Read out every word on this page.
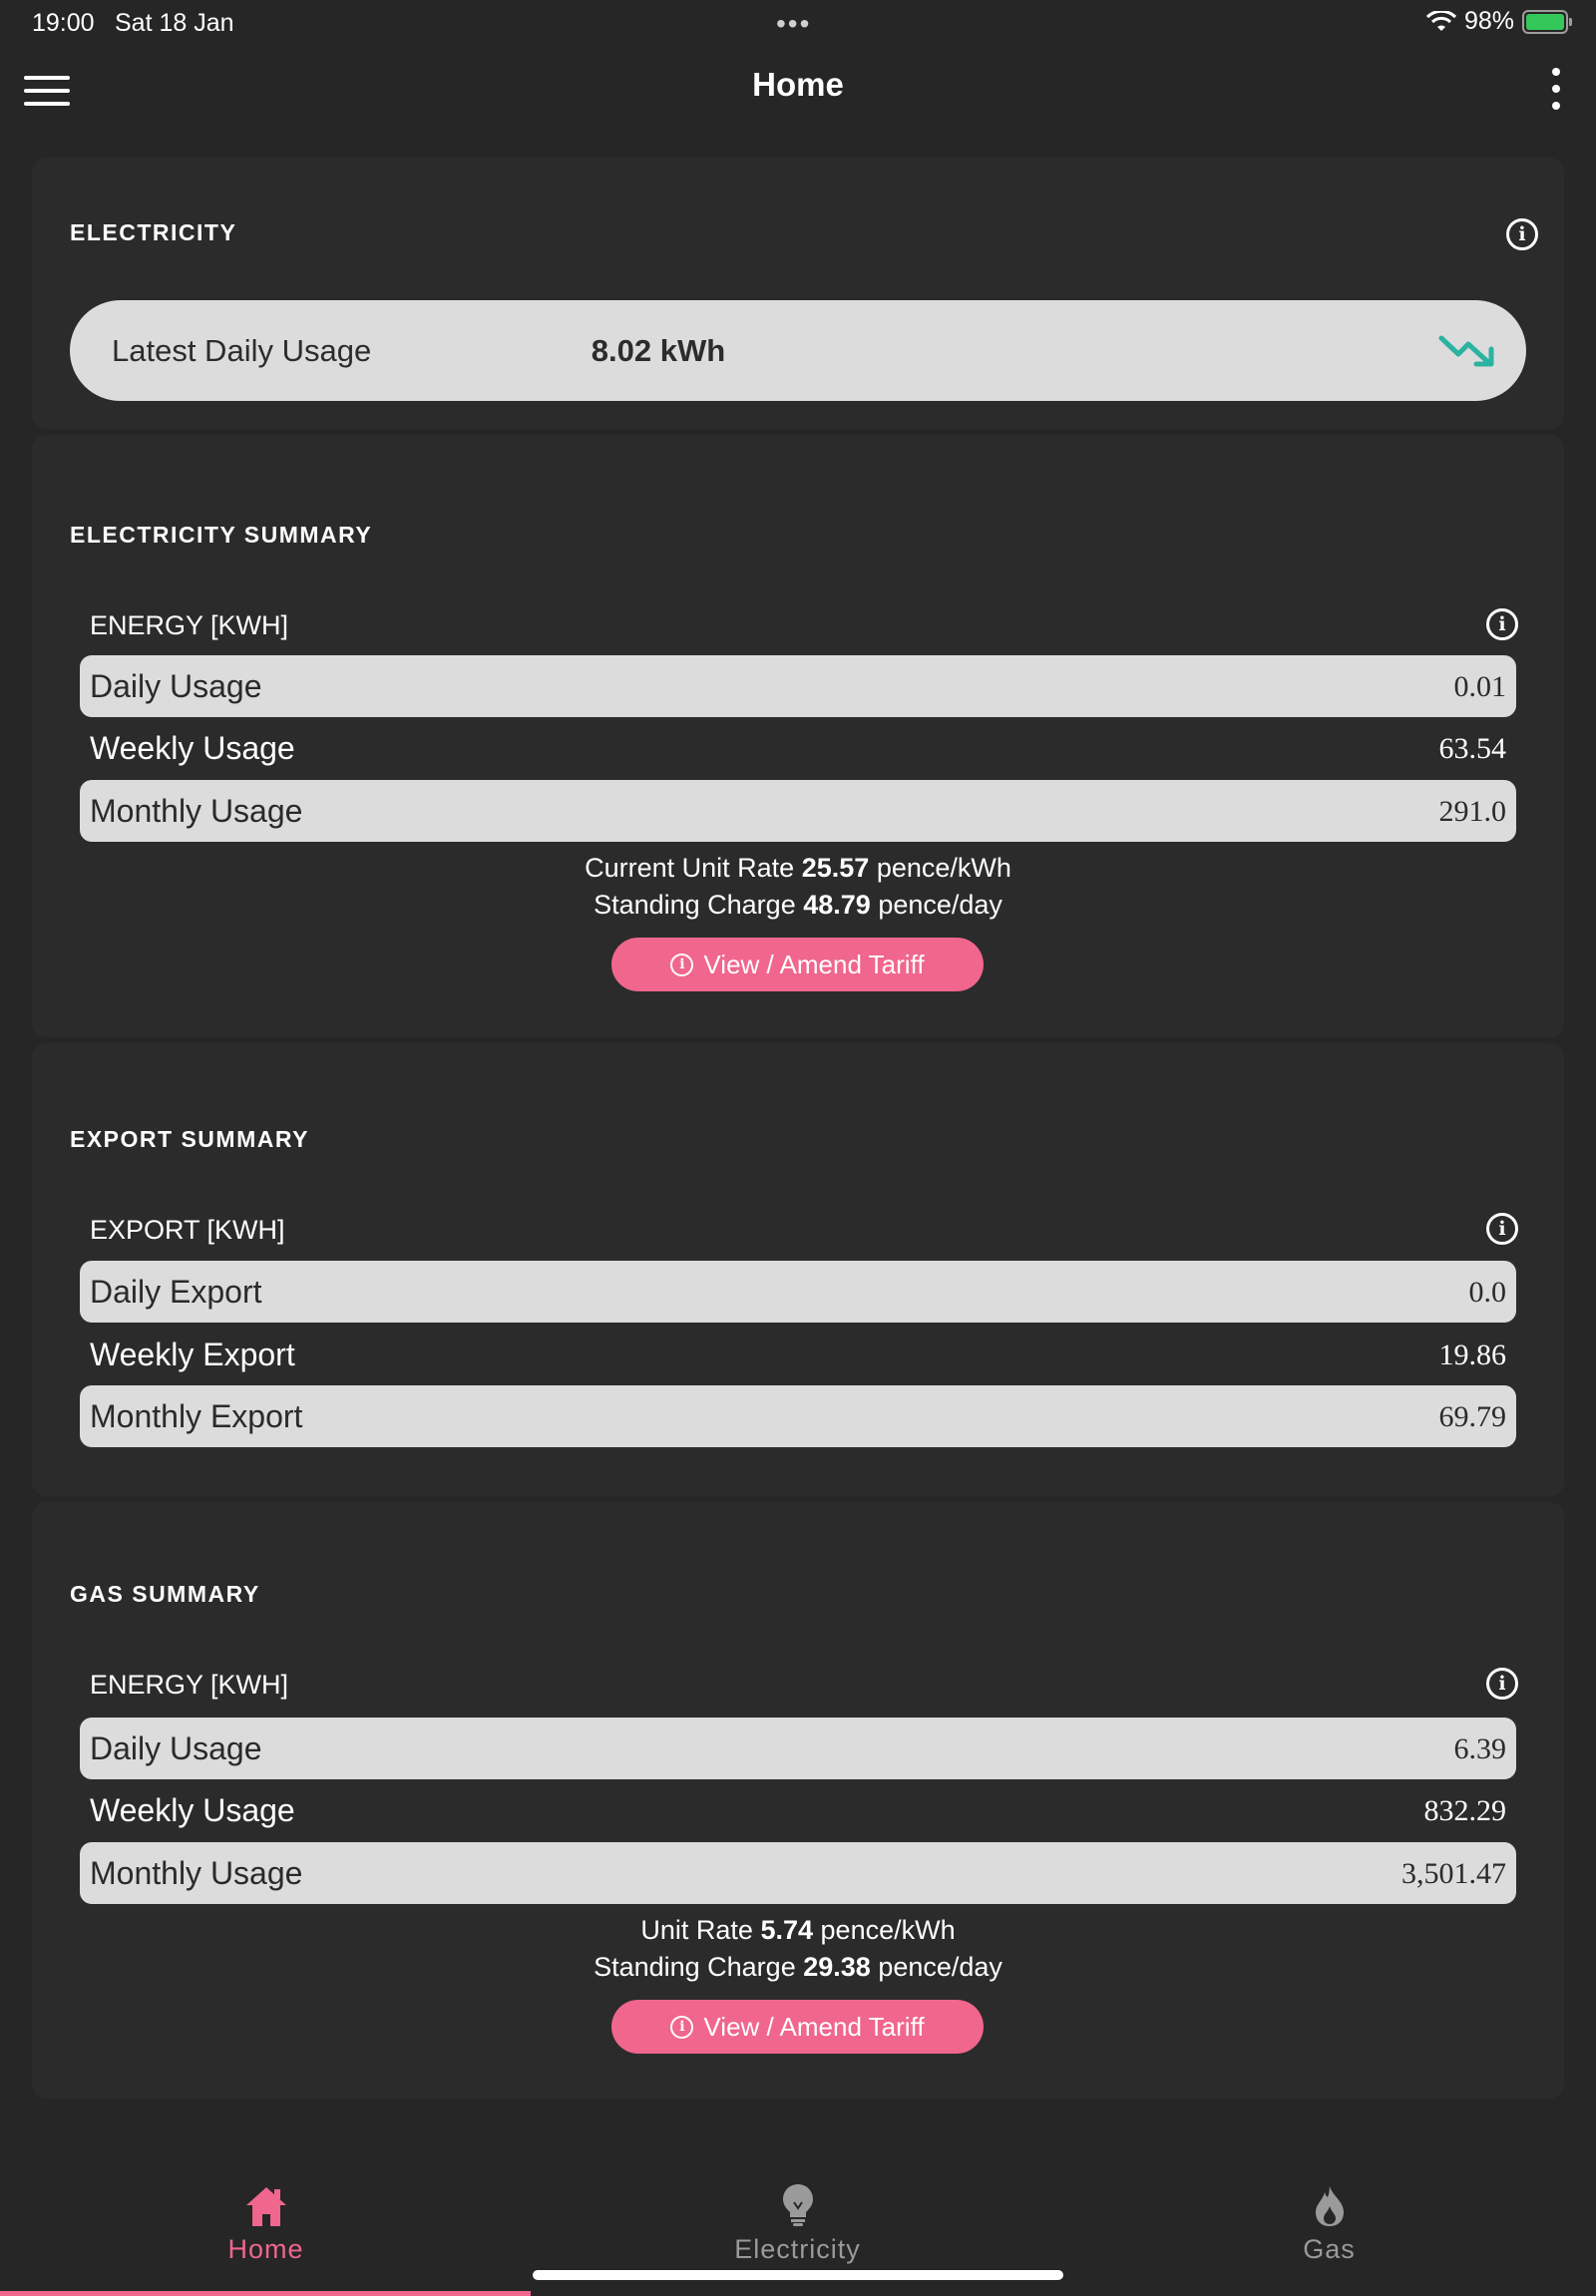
19:00 Sat 18 Jan	•••	98%
Home
ELECTRICITY	i
Latest Daily Usage	8.02 kWh
ELECTRICITY SUMMARY
ENERGY [KWH]	i
Daily Usage	0.01
Weekly Usage	63.54
Monthly Usage	291.0
Current Unit Rate 25.57 pence/kWh
Standing Charge 48.79 pence/day
i View / Amend Tariff
EXPORT SUMMARY
EXPORT [KWH]	i
Daily Export	0.0
Weekly Export	19.86
Monthly Export	69.79
GAS SUMMARY
ENERGY [KWH]	i
Daily Usage	6.39
Weekly Usage	832.29
Monthly Usage	3,501.47
Unit Rate 5.74 pence/kWh
Standing Charge 29.38 pence/day
i View / Amend Tariff
Home	Electricity	Gas
